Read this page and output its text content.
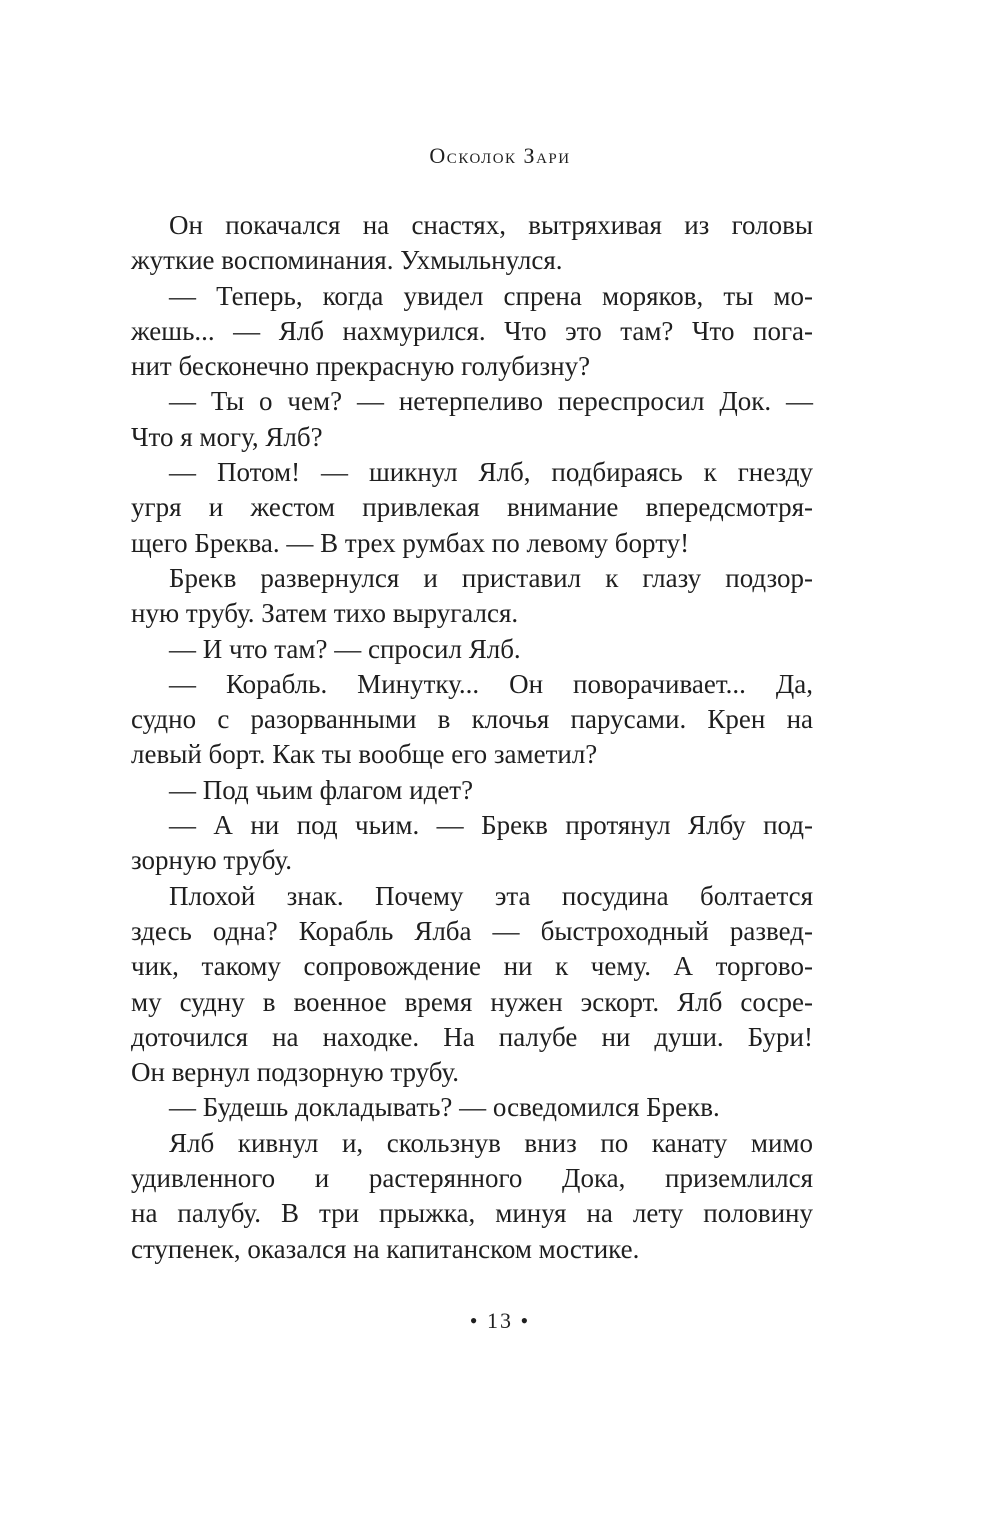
Осколок Зари
Он покачался на снастях, вытряхивая из головы
жуткие воспоминания. Ухмыльнулся.
— Теперь, когда увидел спрена моряков, ты мо-
жешь... — Ялб нахмурился. Что это там? Что пога-
нит бесконечно прекрасную голубизну?
— Ты о чем? — нетерпеливо переспросил Док. —
Что я могу, Ялб?
— Потом! — шикнул Ялб, подбираясь к гнезду
угря и жестом привлекая внимание впередсмотря-
щего Бреква. — В трех румбах по левому борту!
Бреκв развернулся и приставил к глазу подзор-
ную трубу. Затем тихо выругался.
— И что там? — спросил Ялб.
— Корабль. Минутку... Он поворачивает... Да,
судно с разорванными в клочья парусами. Крен на
левый борт. Как ты вообще его заметил?
— Под чьим флагом идет?
— А ни под чьим. — Брекв протянул Ялбу под-
зорную трубу.
Плохой знак. Почему эта посудина болтается
здесь одна? Корабль Ялба — быстроходный развед-
чик, такому сопровождение ни к чему. А торгово-
му судну в военное время нужен эскорт. Ялб сосре-
доточился на находке. На палубе ни души. Бури!
Он вернул подзорную трубу.
— Будешь докладывать? — осведомился Брекв.
Ялб кивнул и, скользнув вниз по канату мимо
удивленного и растерянного Дока, приземлился
на палубу. В три прыжка, минуя на лету половину
ступенек, оказался на капитанском мостике.
• 13 •
